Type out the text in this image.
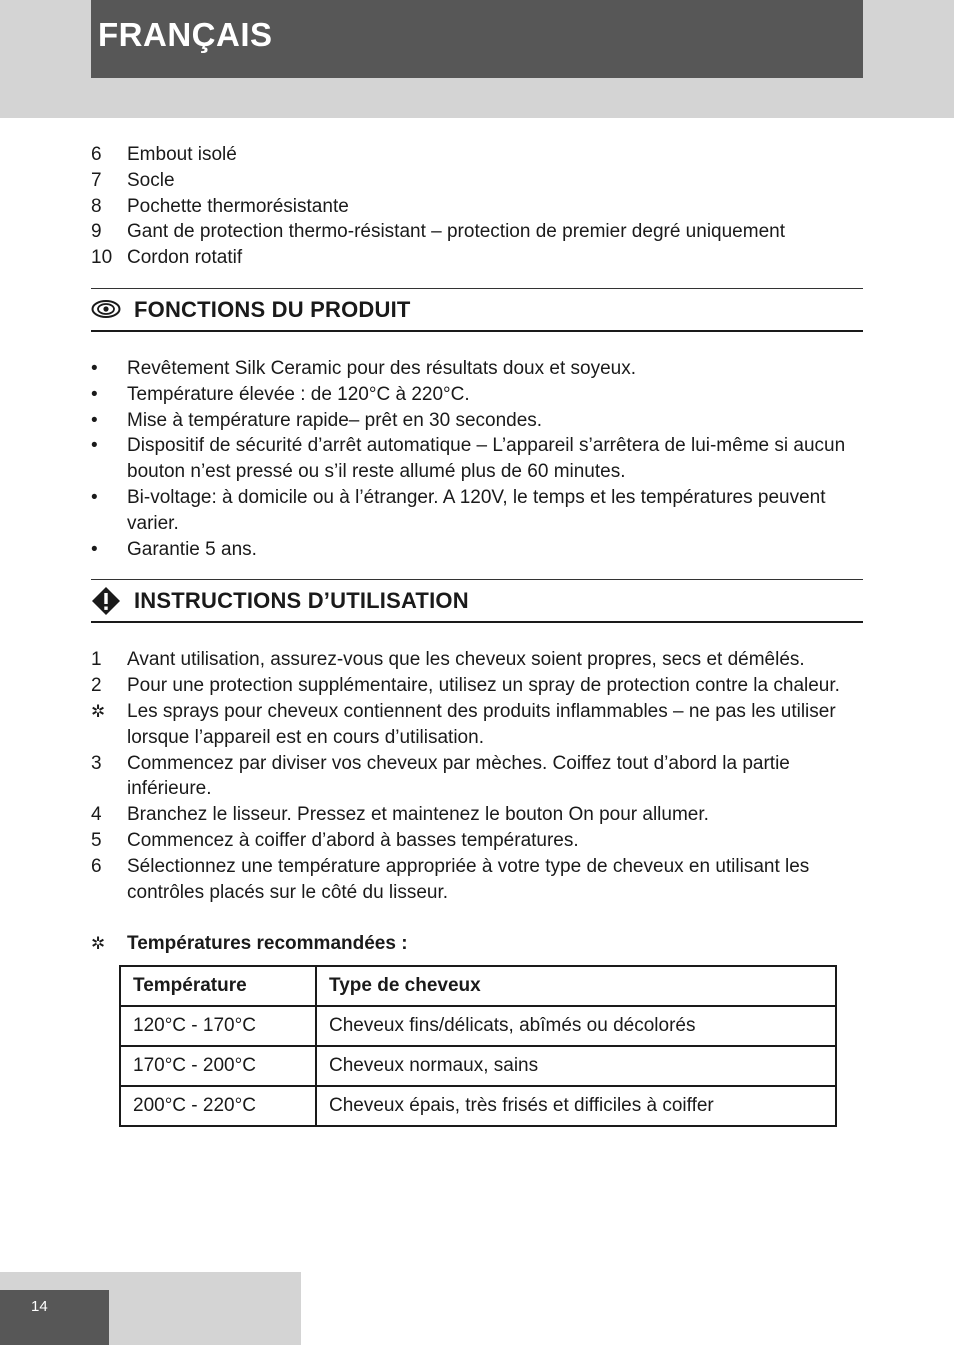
FRANÇAIS
6	Embout isolé
7	Socle
8	Pochette thermorésistante
9	Gant de protection thermo-résistant – protection de premier degré uniquement
10 Cordon rotatif
FONCTIONS DU PRODUIT
•	Revêtement Silk Ceramic pour des résultats doux et soyeux.
•	Température élevée : de 120°C à 220°C.
•	Mise à température rapide– prêt en 30 secondes.
•	Dispositif de sécurité d’arrêt automatique – L’appareil s’arrêtera de lui-même si aucun bouton n’est pressé ou s’il reste allumé plus de 60 minutes.
•	Bi-voltage: à domicile ou à l’étranger. A 120V, le temps et les températures peuvent varier.
•	Garantie 5 ans.
INSTRUCTIONS D’UTILISATION
1	Avant utilisation, assurez-vous que les cheveux soient propres, secs et démêlés.
2	Pour une protection supplémentaire, utilisez un spray de protection contre la chaleur.
✲	Les sprays pour cheveux contiennent des produits inflammables – ne pas les utiliser lorsque l’appareil est en cours d’utilisation.
3	Commencez par diviser vos cheveux par mèches. Coiffez tout d’abord la partie inférieure.
4	Branchez le lisseur. Pressez et maintenez le bouton On pour allumer.
5	Commencez à coiffer d’abord à basses températures.
6	Sélectionnez une température appropriée à votre type de cheveux en utilisant les contrôles placés sur le côté du lisseur.
✲	Températures recommandées :
Température	Type de cheveux
120°C - 170°C	Cheveux fins/délicats, abîmés ou décolorés
170°C - 200°C	Cheveux normaux, sains
200°C - 220°C	Cheveux épais, très frisés et difficiles à coiffer
14
